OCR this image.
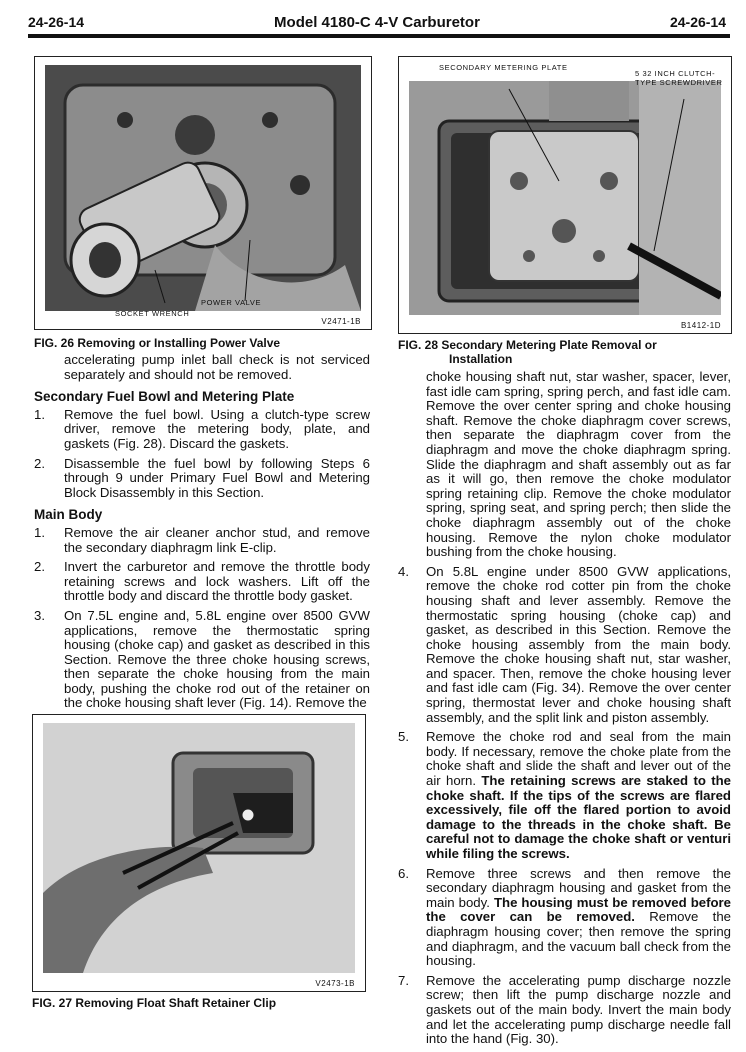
24-26-14	Model 4180-C 4-V Carburetor	24-26-14
SOCKET WRENCH
POWER VALVE
V2471-1B
FIG. 26 Removing or Installing Power Valve
SECONDARY METERING PLATE
5 32 INCH CLUTCH-
TYPE SCREWDRIVER
B1412-1D
FIG. 28 Secondary Metering Plate Removal or
Installation
V2473-1B
FIG. 27 Removing Float Shaft Retainer Clip

accelerating pump inlet ball check is not serviced separately and should not be removed.

Secondary Fuel Bowl and Metering Plate
1. Remove the fuel bowl. Using a clutch-type screw driver, remove the metering body, plate, and gaskets (Fig. 28). Discard the gaskets.
2. Disassemble the fuel bowl by following Steps 6 through 9 under Primary Fuel Bowl and Metering Block Disassembly in this Section.
Main Body
1. Remove the air cleaner anchor stud, and remove the secondary diaphragm link E-clip.
2. Invert the carburetor and remove the throttle body retaining screws and lock washers. Lift off the throttle body and discard the throttle body gasket.
3. On 7.5L engine and, 5.8L engine over 8500 GVW applications, remove the thermostatic spring housing (choke cap) and gasket as described in this Section. Remove the three choke housing screws, then separate the choke housing from the main body, pushing the choke rod out of the retainer on the choke housing shaft lever (Fig. 14). Remove the

choke housing shaft nut, star washer, spacer, lever, fast idle cam spring, spring perch, and fast idle cam. Remove the over center spring and choke housing shaft. Remove the choke diaphragm cover screws, then separate the diaphragm cover from the diaphragm and move the choke diaphragm spring. Slide the diaphragm and shaft assembly out as far as it will go, then remove the choke modulator spring retaining clip. Remove the choke modulator spring, spring seat, and spring perch; then slide the choke diaphragm assembly out of the choke housing. Remove the nylon choke modulator bushing from the choke housing.

4. On 5.8L engine under 8500 GVW applications, remove the choke rod cotter pin from the choke housing shaft and lever assembly. Remove the thermostatic spring housing (choke cap) and gasket, as described in this Section. Remove the choke housing assembly from the main body. Remove the choke housing shaft nut, star washer, and spacer. Then, remove the choke housing lever and fast idle cam (Fig. 34). Remove the over center spring, thermostat lever and choke housing shaft assembly, and the split link and piston assembly.
5. Remove the choke rod and seal from the main body. If necessary, remove the choke plate from the choke shaft and slide the shaft and lever out of the air horn. The retaining screws are staked to the choke shaft. If the tips of the screws are flared excessively, file off the flared portion to avoid damage to the threads in the choke shaft. Be careful not to damage the choke shaft or venturi while filing the screws.
6. Remove three screws and then remove the secondary diaphragm housing and gasket from the main body. The housing must be removed before the cover can be removed. Remove the diaphragm housing cover; then remove the spring and diaphragm, and the vacuum ball check from the housing.
7. Remove the accelerating pump discharge nozzle screw; then lift the pump discharge nozzle and gaskets out of the main body. Invert the main body and let the accelerating pump discharge needle fall into the hand (Fig. 30).
